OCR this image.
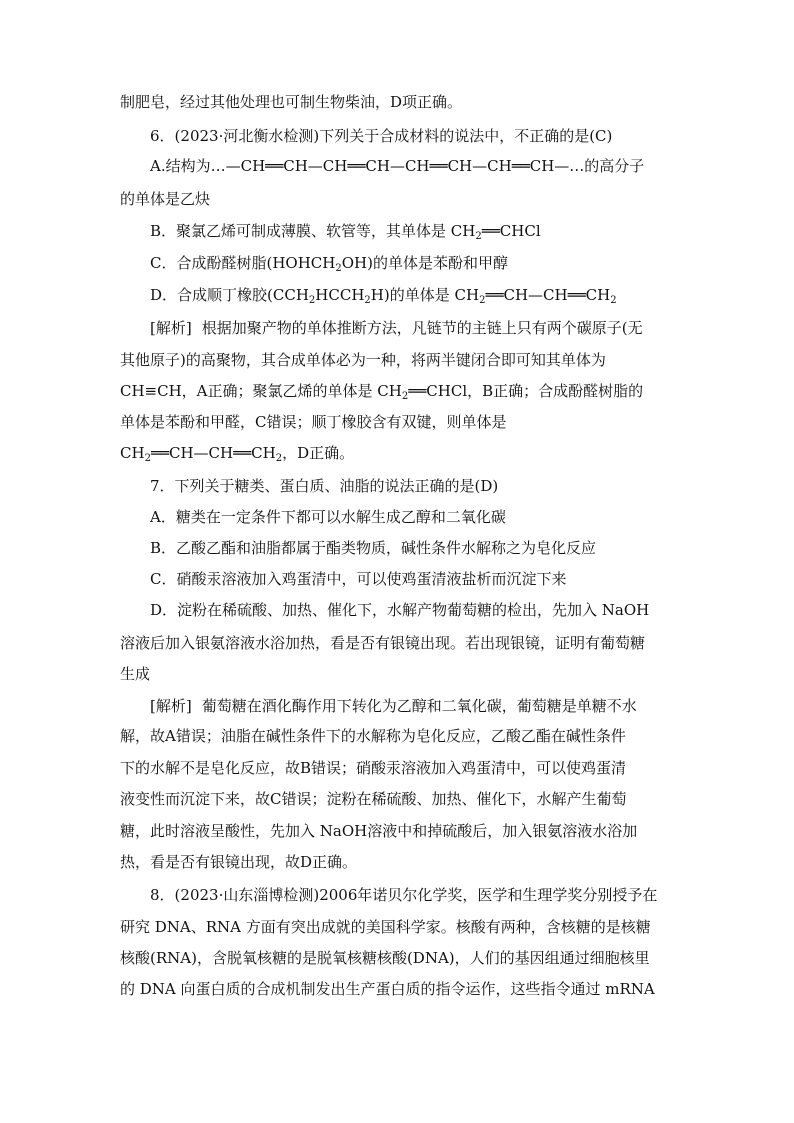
制肥皂，经过其他处理也可制生物柴油，D项正确。
6．(2023·河北衡水检测)下列关于合成材料的说法中，不正确的是(C)
A.结构为…—CH══CH—CH══CH—CH══CH—CH══CH—…的高分子
的单体是乙炔
B．聚氯乙烯可制成薄膜、软管等，其单体是 $CH_2══CHCl$
C．合成酚醛树脂$(HOHCH_2OH)$的单体是苯酚和甲醇
D．合成顺丁橡胶$(CCH_2HCCH_2H)$的单体是 $CH_2══CH—CH══CH_2$
[解析] 根据加聚产物的单体推断方法，凡链节的主链上只有两个碳原子(无
其他原子)的高聚物，其合成单体必为一种，将两半键闭合即可知其单体为
CH≡CH，A正确；聚氯乙烯的单体是 $CH_2══CHCl$，B正确；合成酚醛树脂的
单体是苯酚和甲醛，C错误；顺丁橡胶含有双键，则单体是
$CH_2══CH—CH══CH_2$，D正确。
7．下列关于糖类、蛋白质、油脂的说法正确的是(D)
A．糖类在一定条件下都可以水解生成乙醇和二氧化碳
B．乙酸乙酯和油脂都属于酯类物质，碱性条件水解称之为皂化反应
C．硝酸汞溶液加入鸡蛋清中，可以使鸡蛋清液盐析而沉淀下来
D．淀粉在稀硫酸、加热、催化下，水解产物葡萄糖的检出，先加入 NaOH
溶液后加入银氨溶液水浴加热，看是否有银镜出现。若出现银镜，证明有葡萄糖
生成
[解析] 葡萄糖在酒化酶作用下转化为乙醇和二氧化碳，葡萄糖是单糖不水
解，故A错误；油脂在碱性条件下的水解称为皂化反应，乙酸乙酯在碱性条件
下的水解不是皂化反应，故B错误；硝酸汞溶液加入鸡蛋清中，可以使鸡蛋清
液变性而沉淀下来，故C错误；淀粉在稀硫酸、加热、催化下，水解产生葡萄
糖，此时溶液呈酸性，先加入 NaOH溶液中和掉硫酸后，加入银氨溶液水浴加
热，看是否有银镜出现，故D正确。
8．(2023·山东淄博检测)2006年诺贝尔化学奖，医学和生理学奖分别授予在
研究 DNA、RNA 方面有突出成就的美国科学家。核酸有两种，含核糖的是核糖
核酸(RNA)，含脱氧核糖的是脱氧核糖核酸(DNA)，人们的基因组通过细胞核里
的 DNA 向蛋白质的合成机制发出生产蛋白质的指令运作，这些指令通过 mRNA
